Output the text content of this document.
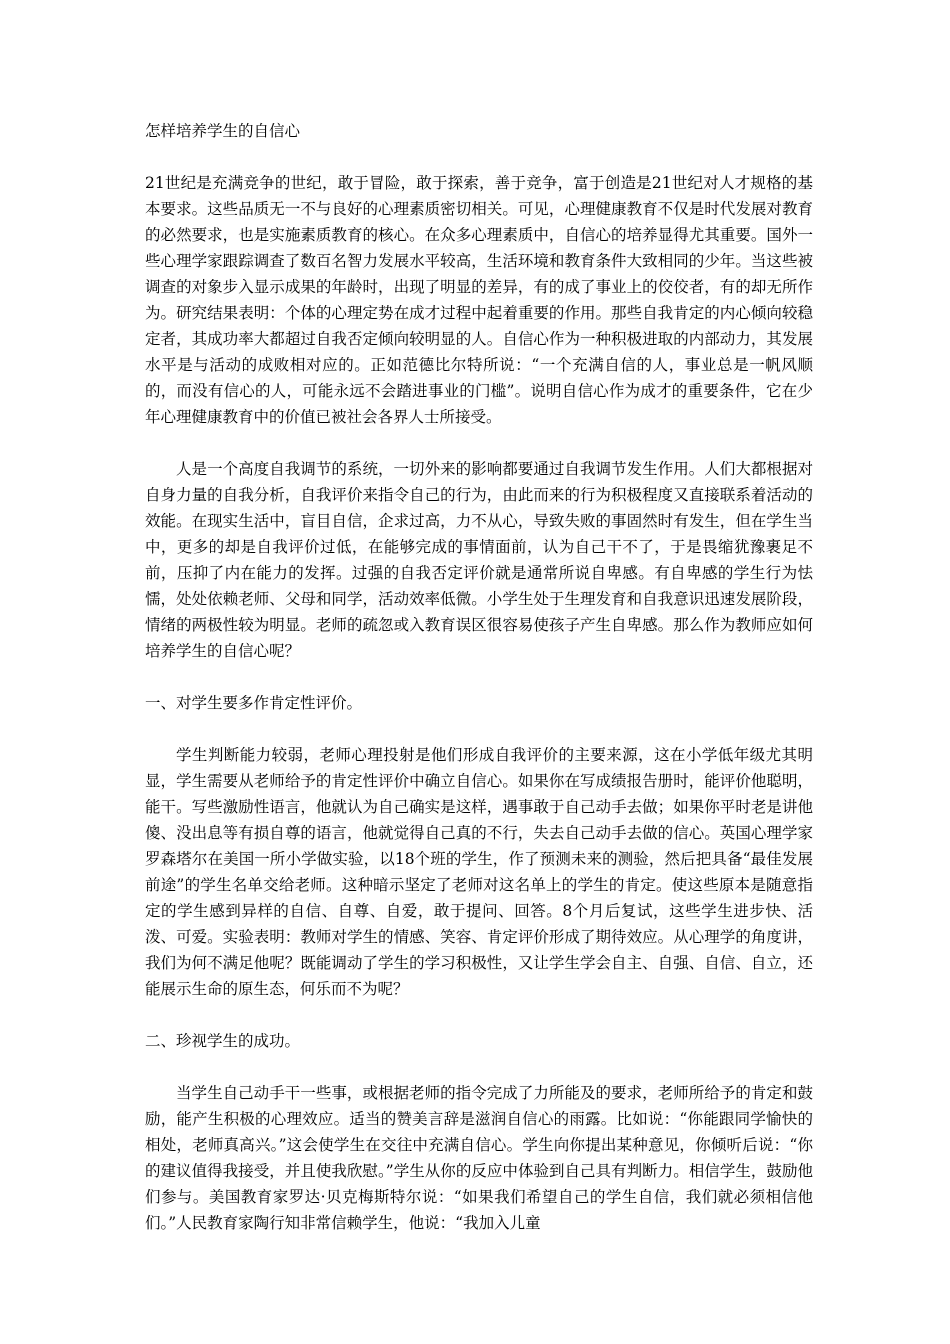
怎样培养学生的自信心

21世纪是充满竞争的世纪，敢于冒险，敢于探索，善于竞争，富于创造是21世纪对人才规格的基本要求。这些品质无一不与良好的心理素质密切相关。可见，心理健康教育不仅是时代发展对教育的必然要求，也是实施素质教育的核心。在众多心理素质中，自信心的培养显得尤其重要。国外一些心理学家跟踪调查了数百名智力发展水平较高，生活环境和教育条件大致相同的少年。当这些被调查的对象步入显示成果的年龄时，出现了明显的差异，有的成了事业上的佼佼者，有的却无所作为。研究结果表明：个体的心理定势在成才过程中起着重要的作用。那些自我肯定的内心倾向较稳定者，其成功率大都超过自我否定倾向较明显的人。自信心作为一种积极进取的内部动力，其发展水平是与活动的成败相对应的。正如范德比尔特所说：“一个充满自信的人，事业总是一帆风顺的，而没有信心的人，可能永远不会踏进事业的门槛”。说明自信心作为成才的重要条件，它在少年心理健康教育中的价值已被社会各界人士所接受。

人是一个高度自我调节的系统，一切外来的影响都要通过自我调节发生作用。人们大都根据对自身力量的自我分析，自我评价来指令自己的行为，由此而来的行为积极程度又直接联系着活动的效能。在现实生活中，盲目自信，企求过高，力不从心，导致失败的事固然时有发生，但在学生当中，更多的却是自我评价过低，在能够完成的事情面前，认为自己干不了，于是畏缩犹豫裹足不前，压抑了内在能力的发挥。过强的自我否定评价就是通常所说自卑感。有自卑感的学生行为怯懦，处处依赖老师、父母和同学，活动效率低微。小学生处于生理发育和自我意识迅速发展阶段，情绪的两极性较为明显。老师的疏忽或入教育误区很容易使孩子产生自卑感。那么作为教师应如何培养学生的自信心呢？

一、对学生要多作肯定性评价。

学生判断能力较弱，老师心理投射是他们形成自我评价的主要来源，这在小学低年级尤其明显，学生需要从老师给予的肯定性评价中确立自信心。如果你在写成绩报告册时，能评价他聪明，能干。写些激励性语言，他就认为自己确实是这样，遇事敢于自己动手去做；如果你平时老是讲他傻、没出息等有损自尊的语言，他就觉得自己真的不行，失去自己动手去做的信心。英国心理学家罗森塔尔在美国一所小学做实验，以18个班的学生，作了预测未来的测验，然后把具备“最佳发展前途”的学生名单交给老师。这种暗示坚定了老师对这名单上的学生的肯定。使这些原本是随意指定的学生感到异样的自信、自尊、自爱，敢于提问、回答。8个月后复试，这些学生进步快、活泼、可爱。实验表明：教师对学生的情感、笑容、肯定评价形成了期待效应。从心理学的角度讲，我们为何不满足他呢？既能调动了学生的学习积极性，又让学生学会自主、自强、自信、自立，还能展示生命的原生态，何乐而不为呢？

二、珍视学生的成功。

当学生自己动手干一些事，或根据老师的指令完成了力所能及的要求，老师所给予的肯定和鼓励，能产生积极的心理效应。适当的赞美言辞是滋润自信心的雨露。比如说：“你能跟同学愉快的相处，老师真高兴。”这会使学生在交往中充满自信心。学生向你提出某种意见，你倾听后说：“你的建议值得我接受，并且使我欣慰。”学生从你的反应中体验到自己具有判断力。相信学生，鼓励他们参与。美国教育家罗达·贝克梅斯特尔说：“如果我们希望自己的学生自信，我们就必须相信他们。”人民教育家陶行知非常信赖学生，他说：“我加入儿童
